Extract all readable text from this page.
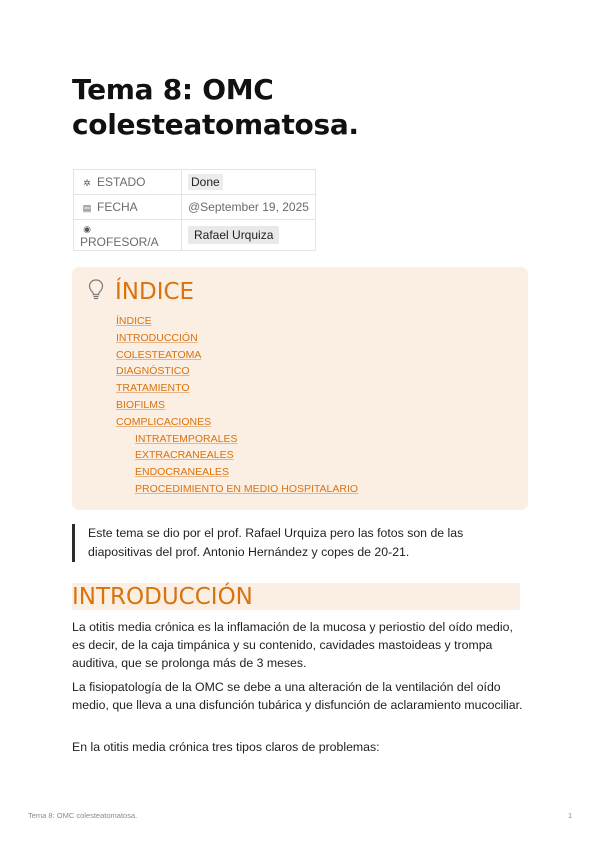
Tema 8: OMC colesteatomatosa.
✲ ESTADO	Done
▤ FECHA	@September 19, 2025
◉PROFESOR/A	Rafael Urquiza
ÍNDICE
ÍNDICE
INTRODUCCIÓN
COLESTEATOMA
DIAGNÓSTICO
TRATAMIENTO
BIOFILMS
COMPLICACIONES
INTRATEMPORALES
EXTRACRANEALES
ENDOCRANEALES
PROCEDIMIENTO EN MEDIO HOSPITALARIO
Este tema se dio por el prof. Rafael Urquiza pero las fotos son de las diapositivas del prof. Antonio Hernández y copes de 20-21.
INTRODUCCIÓN

La otitis media crónica es la inflamación de la mucosa y periostio del oído medio, es decir, de la caja timpánica y su contenido, cavidades mastoideas y trompa auditiva, que se prolonga más de 3 meses.

La fisiopatología de la OMC se debe a una alteración de la ventilación del oído medio, que lleva a una disfunción tubárica y disfunción de aclaramiento mucociliar.

En la otitis media crónica tres tipos claros de problemas:

Tema 8: OMC colesteatomatosa.	1
